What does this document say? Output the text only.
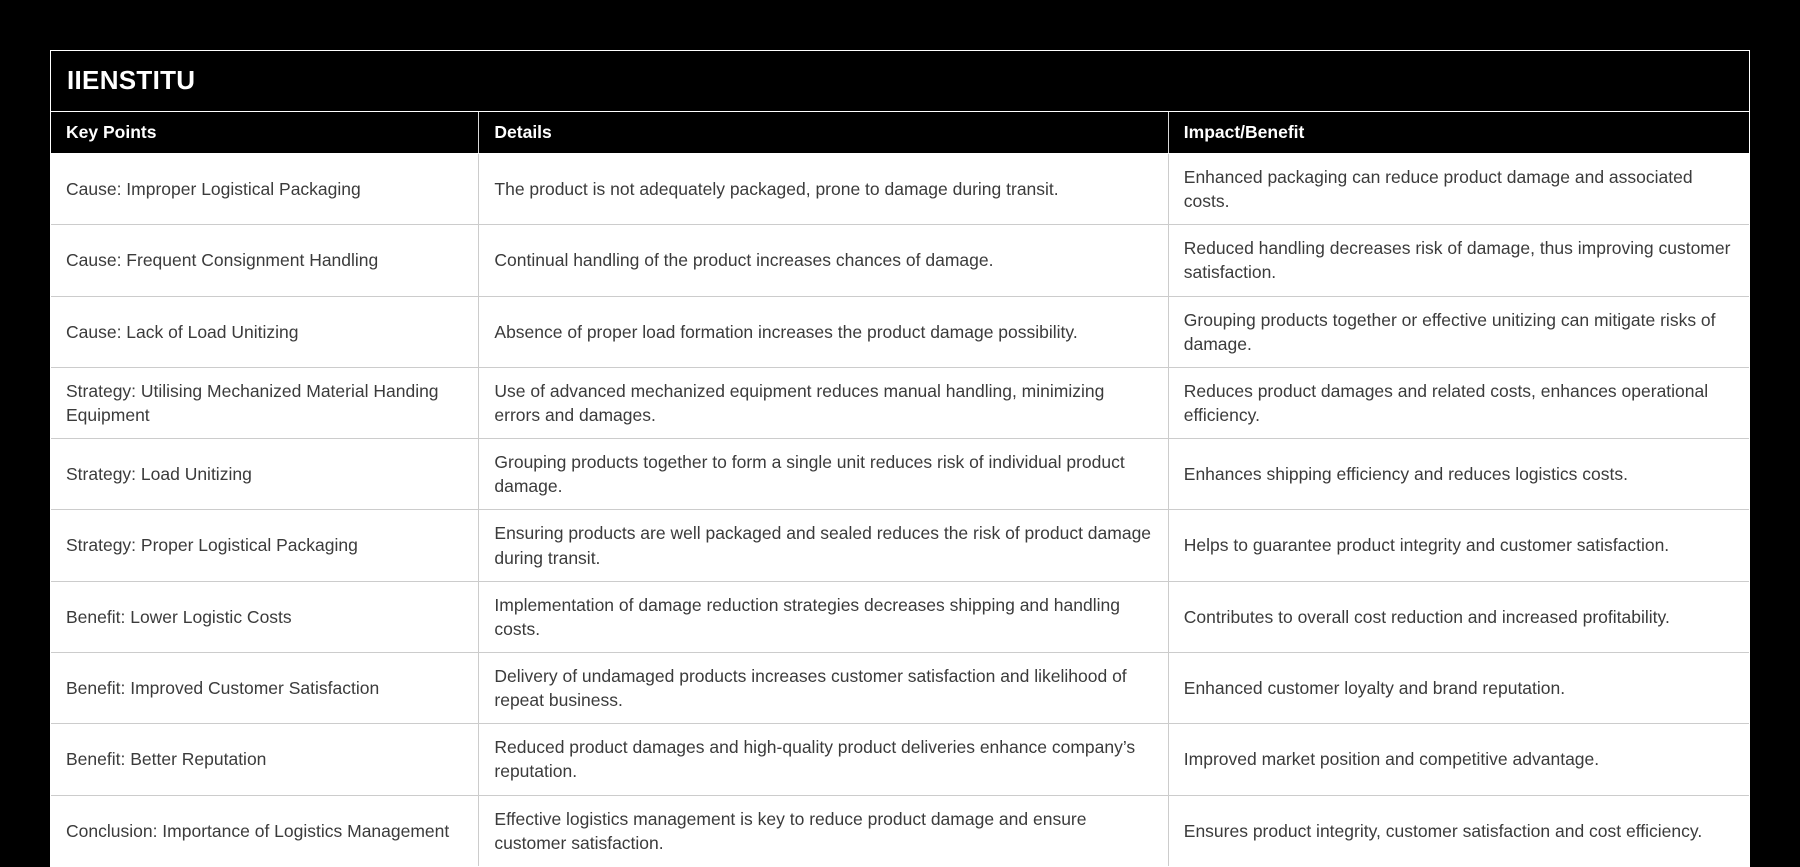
IIENSTITU
Key Points	Details	Impact/Benefit
Cause: Improper Logistical Packaging	The product is not adequately packaged, prone to damage during transit.	Enhanced packaging can reduce product damage and associated costs.
Cause: Frequent Consignment Handling	Continual handling of the product increases chances of damage.	Reduced handling decreases risk of damage, thus improving customer satisfaction.
Cause: Lack of Load Unitizing	Absence of proper load formation increases the product damage possibility.	Grouping products together or effective unitizing can mitigate risks of damage.
Strategy: Utilising Mechanized Material Handing Equipment	Use of advanced mechanized equipment reduces manual handling, minimizing errors and damages.	Reduces product damages and related costs, enhances operational efficiency.
Strategy: Load Unitizing	Grouping products together to form a single unit reduces risk of individual product damage.	Enhances shipping efficiency and reduces logistics costs.
Strategy: Proper Logistical Packaging	Ensuring products are well packaged and sealed reduces the risk of product damage during transit.	Helps to guarantee product integrity and customer satisfaction.
Benefit: Lower Logistic Costs	Implementation of damage reduction strategies decreases shipping and handling costs.	Contributes to overall cost reduction and increased profitability.
Benefit: Improved Customer Satisfaction	Delivery of undamaged products increases customer satisfaction and likelihood of repeat business.	Enhanced customer loyalty and brand reputation.
Benefit: Better Reputation	Reduced product damages and high-quality product deliveries enhance company’s reputation.	Improved market position and competitive advantage.
Conclusion: Importance of Logistics Management	Effective logistics management is key to reduce product damage and ensure customer satisfaction.	Ensures product integrity, customer satisfaction and cost efficiency.
